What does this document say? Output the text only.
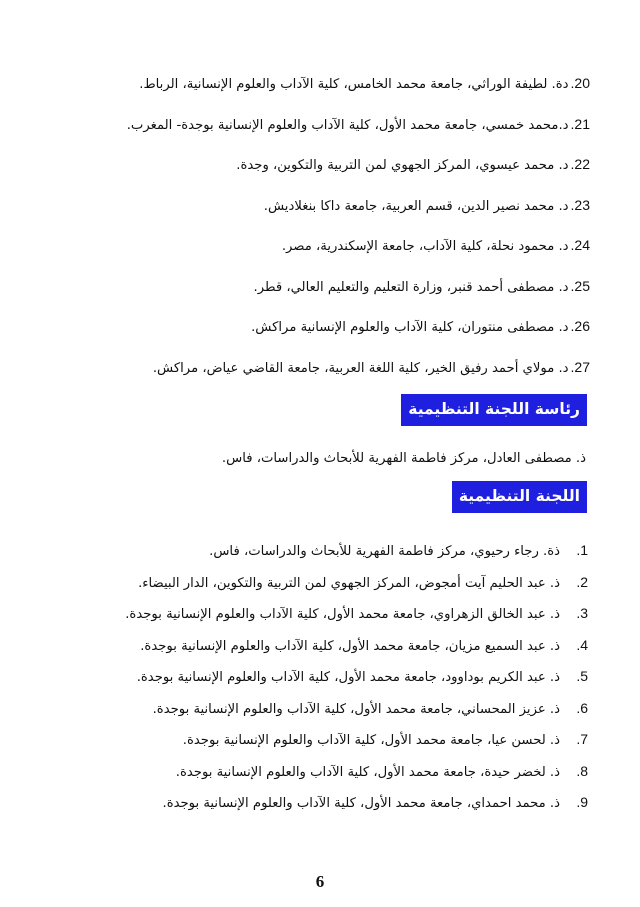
20.دة. لطيفة الوراثي، جامعة محمد الخامس، كلية الآداب والعلوم الإنسانية، الرباط.
21.د.محمد خمسي، جامعة محمد الأول، كلية الآداب والعلوم الإنسانية بوجدة- المغرب.
22.د. محمد عيسوي، المركز الجهوي لمن التربية والتكوين، وجدة.
23.د. محمد نصير الدين، قسم العربية، جامعة داكا بنغلاديش.
24.د. محمود نحلة، كلية الآداب، جامعة الإسكندرية، مصر.
25.د. مصطفى أحمد قنبر، وزارة التعليم والتعليم العالي، قطر.
26.د. مصطفى منتوران، كلية الآداب والعلوم الإنسانية مراكش.
27.د. مولاي أحمد رفيق الخير، كلية اللغة العربية، جامعة القاضي عياض، مراكش.
رئاسة اللجنة التنظيمية
ذ. مصطفى العادل، مركز فاطمة الفهرية للأبحاث والدراسات، فاس.
اللجنة التنظيمية
1.ذة. رجاء رحيوي، مركز فاطمة الفهرية للأبحاث والدراسات، فاس.
2.ذ. عبد الحليم آيت أمجوض، المركز الجهوي لمن التربية والتكوين، الدار البيضاء.
3.ذ. عبد الخالق الزهراوي، جامعة محمد الأول، كلية الآداب والعلوم الإنسانية بوجدة.
4.ذ. عبد السميع مزيان، جامعة محمد الأول، كلية الآداب والعلوم الإنسانية بوجدة.
5.ذ. عبد الكريم بوداوود، جامعة محمد الأول، كلية الآداب والعلوم الإنسانية بوجدة.
6.ذ. عزيز المحساني، جامعة محمد الأول، كلية الآداب والعلوم الإنسانية بوجدة.
7.ذ. لحسن عيا، جامعة محمد الأول، كلية الآداب والعلوم الإنسانية بوجدة.
8.ذ. لخضر حيدة، جامعة محمد الأول، كلية الآداب والعلوم الإنسانية بوجدة.
9.ذ. محمد احمداي، جامعة محمد الأول، كلية الآداب والعلوم الإنسانية بوجدة.
6
